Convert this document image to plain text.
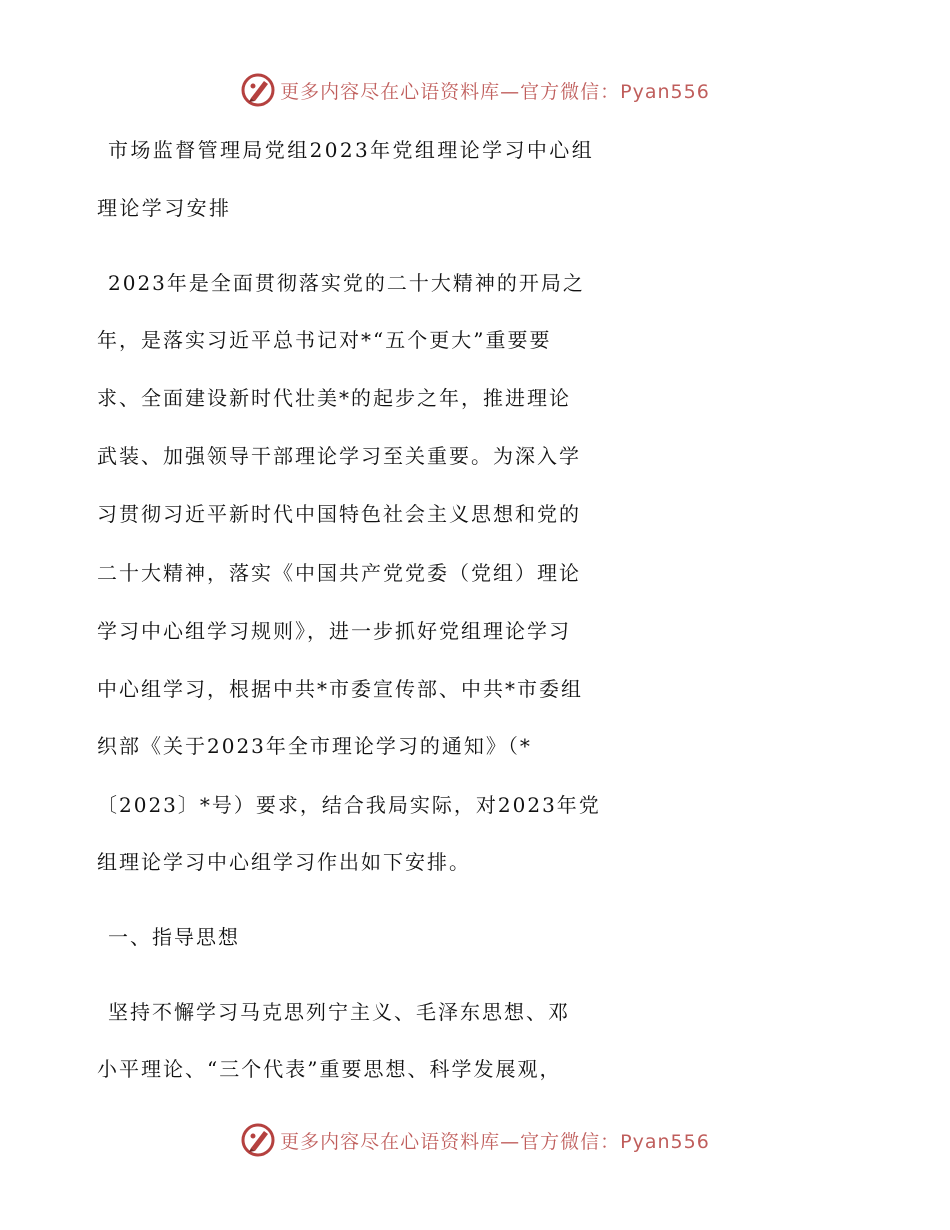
更多内容尽在心语资料库—官方微信：Pyan556
市场监督管理局党组2023年党组理论学习中心组
理论学习安排
2023年是全面贯彻落实党的二十大精神的开局之
年，是落实习近平总书记对*“五个更大”重要要
求、全面建设新时代壮美*的起步之年，推进理论
武装、加强领导干部理论学习至关重要。为深入学
习贯彻习近平新时代中国特色社会主义思想和党的
二十大精神，落实《中国共产党党委（党组）理论
学习中心组学习规则》，进一步抓好党组理论学习
中心组学习，根据中共*市委宣传部、中共*市委组
织部《关于2023年全市理论学习的通知》（*
〔2023〕*号）要求，结合我局实际，对2023年党
组理论学习中心组学习作出如下安排。
一、指导思想
坚持不懈学习马克思列宁主义、毛泽东思想、邓
小平理论、“三个代表”重要思想、科学发展观，
更多内容尽在心语资料库—官方微信：Pyan556
